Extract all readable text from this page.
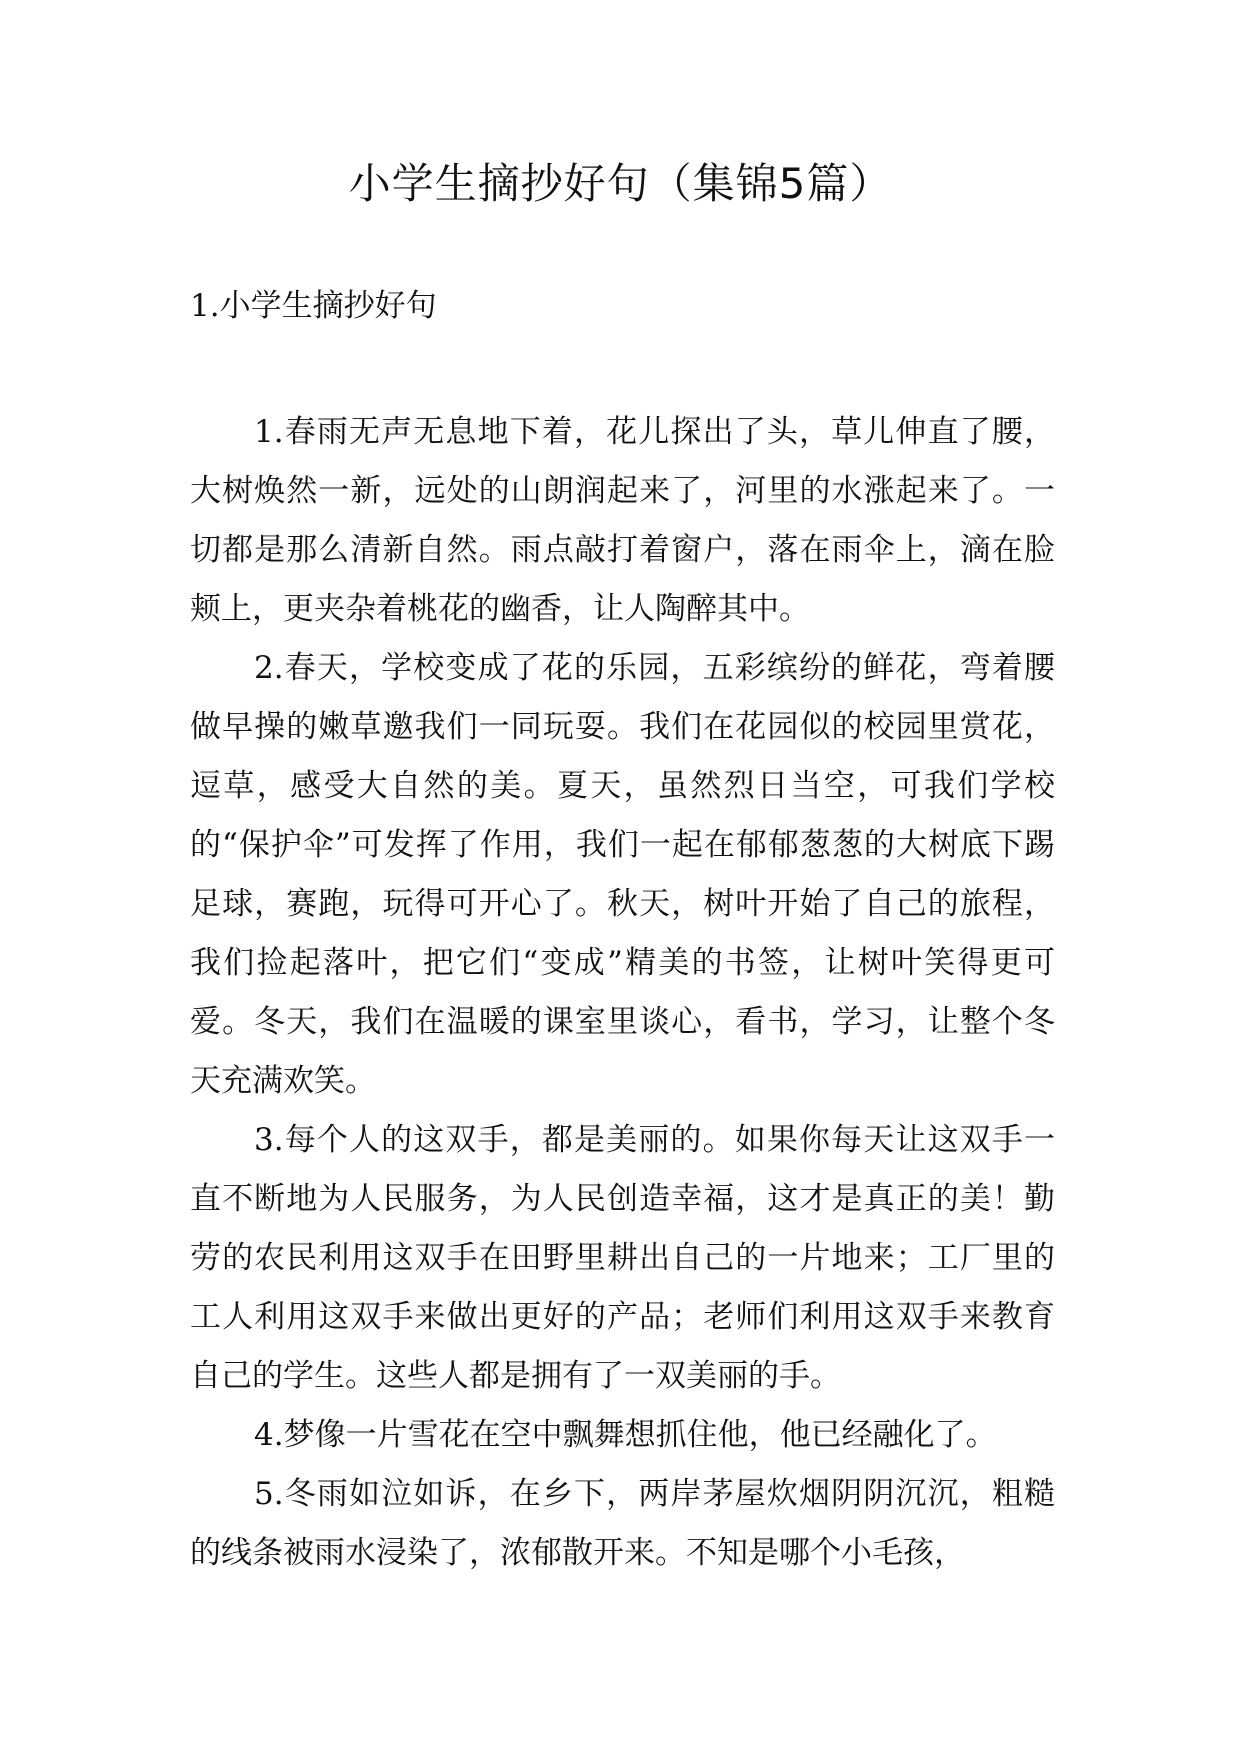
小学生摘抄好句（集锦5篇）
1.小学生摘抄好句

1.春雨无声无息地下着，花儿探出了头，草儿伸直了腰，大树焕然一新，远处的山朗润起来了，河里的水涨起来了。一切都是那么清新自然。雨点敲打着窗户，落在雨伞上，滴在脸颊上，更夹杂着桃花的幽香，让人陶醉其中。

2.春天，学校变成了花的乐园，五彩缤纷的鲜花，弯着腰做早操的嫩草邀我们一同玩耍。我们在花园似的校园里赏花，逗草，感受大自然的美。夏天，虽然烈日当空，可我们学校的“保护伞”可发挥了作用，我们一起在郁郁葱葱的大树底下踢足球，赛跑，玩得可开心了。秋天，树叶开始了自己的旅程，我们捡起落叶，把它们“变成”精美的书签，让树叶笑得更可爱。冬天，我们在温暖的课室里谈心，看书，学习，让整个冬天充满欢笑。

3.每个人的这双手，都是美丽的。如果你每天让这双手一直不断地为人民服务，为人民创造幸福，这才是真正的美！勤劳的农民利用这双手在田野里耕出自己的一片地来；工厂里的工人利用这双手来做出更好的产品；老师们利用这双手来教育自己的学生。这些人都是拥有了一双美丽的手。

4.梦像一片雪花在空中飘舞想抓住他，他已经融化了。

5.冬雨如泣如诉，在乡下，两岸茅屋炊烟阴阴沉沉，粗糙的线条被雨水浸染了，浓郁散开来。不知是哪个小毛孩，
